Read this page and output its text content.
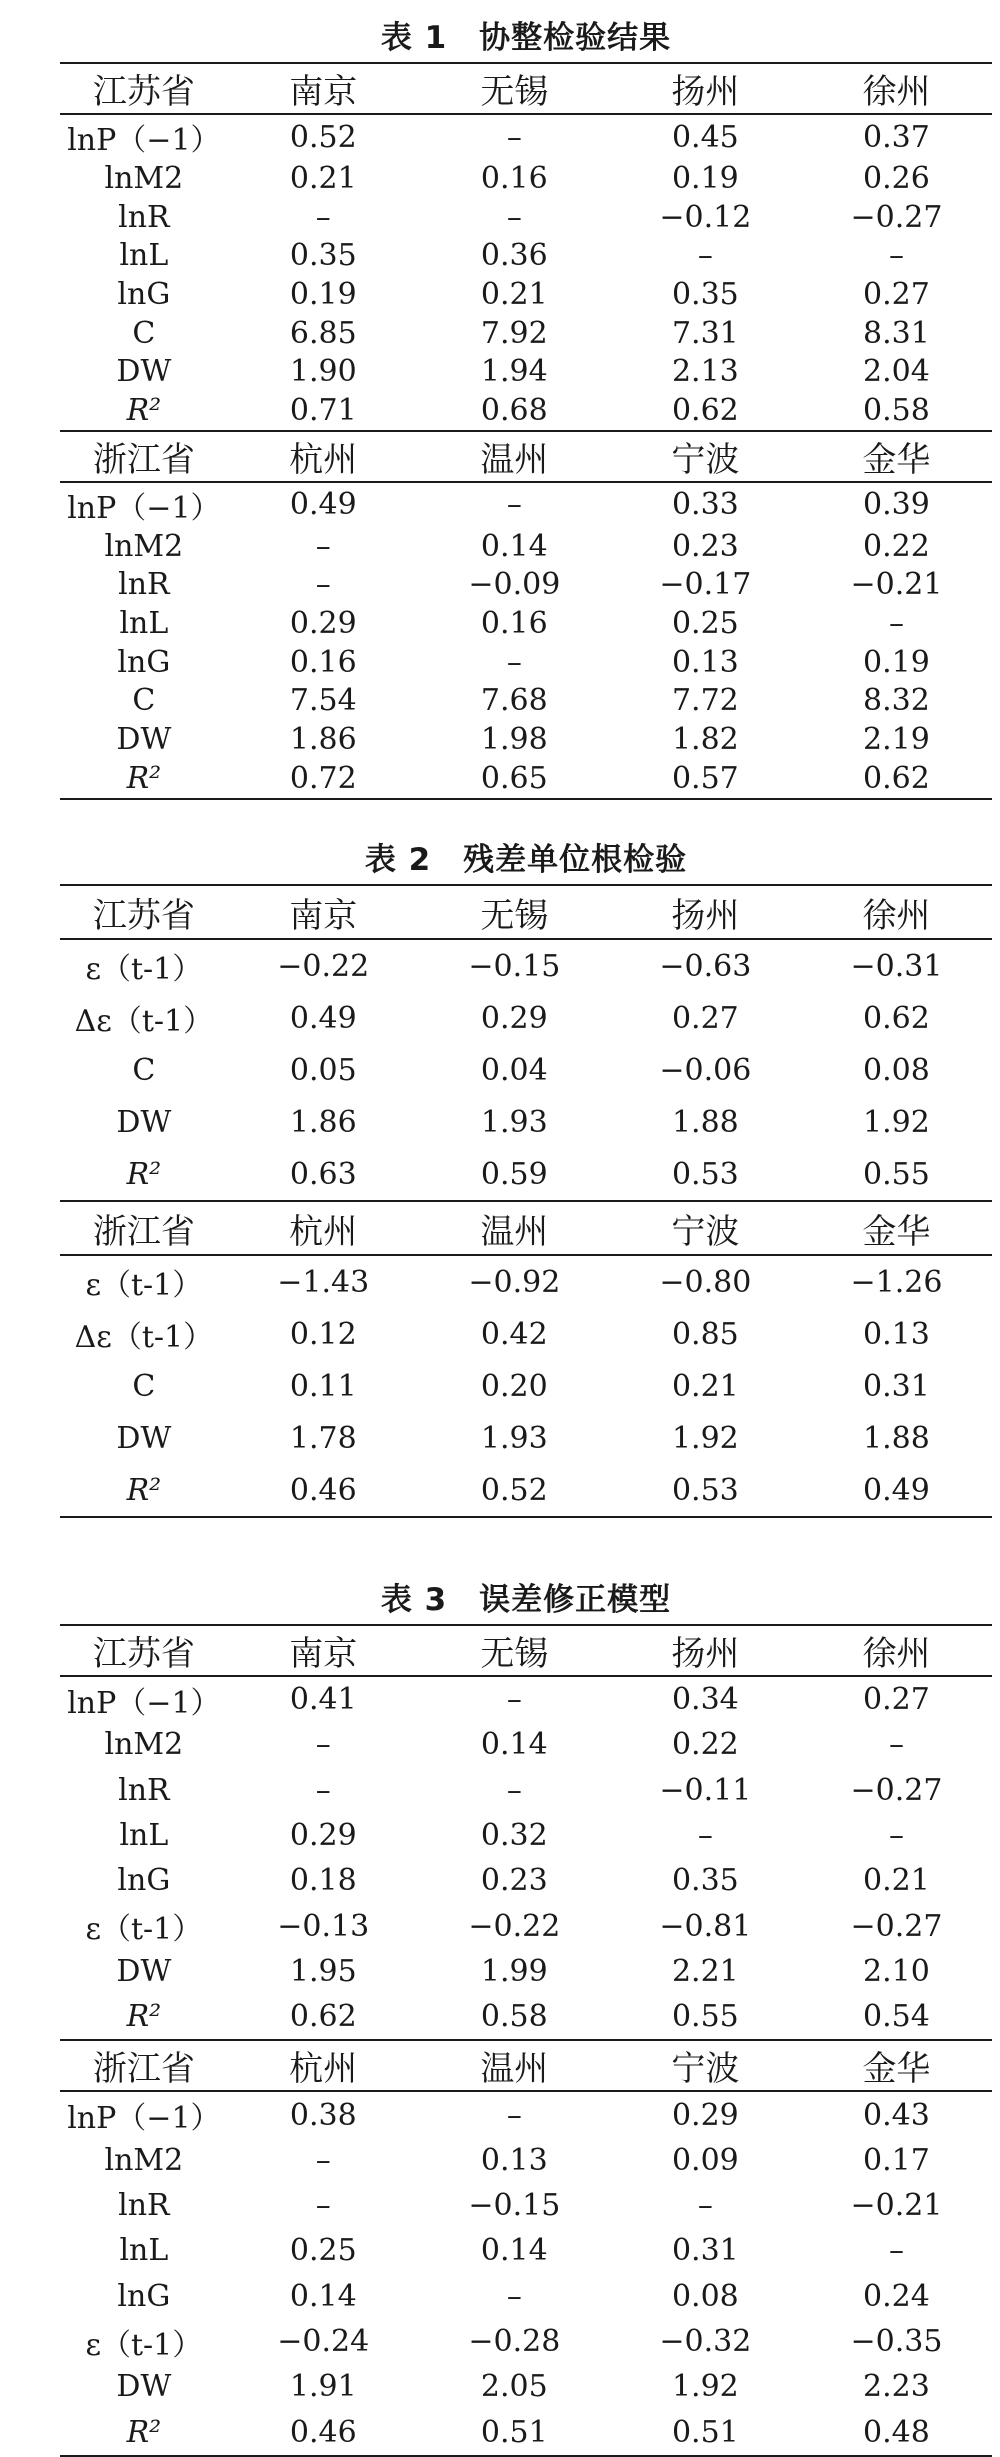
表 1　协整检验结果
江苏省	南京	无锡	扬州	徐州
lnP（−1）	0.52	–	0.45	0.37
lnM2	0.21	0.16	0.19	0.26
lnR	–	–	−0.12	−0.27
lnL	0.35	0.36	–	–
lnG	0.19	0.21	0.35	0.27
C	6.85	7.92	7.31	8.31
DW	1.90	1.94	2.13	2.04
R²	0.71	0.68	0.62	0.58
浙江省	杭州	温州	宁波	金华
lnP（−1）	0.49	–	0.33	0.39
lnM2	–	0.14	0.23	0.22
lnR	–	−0.09	−0.17	−0.21
lnL	0.29	0.16	0.25	–
lnG	0.16	–	0.13	0.19
C	7.54	7.68	7.72	8.32
DW	1.86	1.98	1.82	2.19
R²	0.72	0.65	0.57	0.62
表 2　残差单位根检验
江苏省	南京	无锡	扬州	徐州
ε（t-1）	−0.22	−0.15	−0.63	−0.31
Δε（t-1）	0.49	0.29	0.27	0.62
C	0.05	0.04	−0.06	0.08
DW	1.86	1.93	1.88	1.92
R²	0.63	0.59	0.53	0.55
浙江省	杭州	温州	宁波	金华
ε（t-1）	−1.43	−0.92	−0.80	−1.26
Δε（t-1）	0.12	0.42	0.85	0.13
C	0.11	0.20	0.21	0.31
DW	1.78	1.93	1.92	1.88
R²	0.46	0.52	0.53	0.49
表 3　误差修正模型
江苏省	南京	无锡	扬州	徐州
lnP（−1）	0.41	–	0.34	0.27
lnM2	–	0.14	0.22	–
lnR	–	–	−0.11	−0.27
lnL	0.29	0.32	–	–
lnG	0.18	0.23	0.35	0.21
ε（t-1）	−0.13	−0.22	−0.81	−0.27
DW	1.95	1.99	2.21	2.10
R²	0.62	0.58	0.55	0.54
浙江省	杭州	温州	宁波	金华
lnP（−1）	0.38	–	0.29	0.43
lnM2	–	0.13	0.09	0.17
lnR	–	−0.15	–	−0.21
lnL	0.25	0.14	0.31	–
lnG	0.14	–	0.08	0.24
ε（t-1）	−0.24	−0.28	−0.32	−0.35
DW	1.91	2.05	1.92	2.23
R²	0.46	0.51	0.51	0.48
